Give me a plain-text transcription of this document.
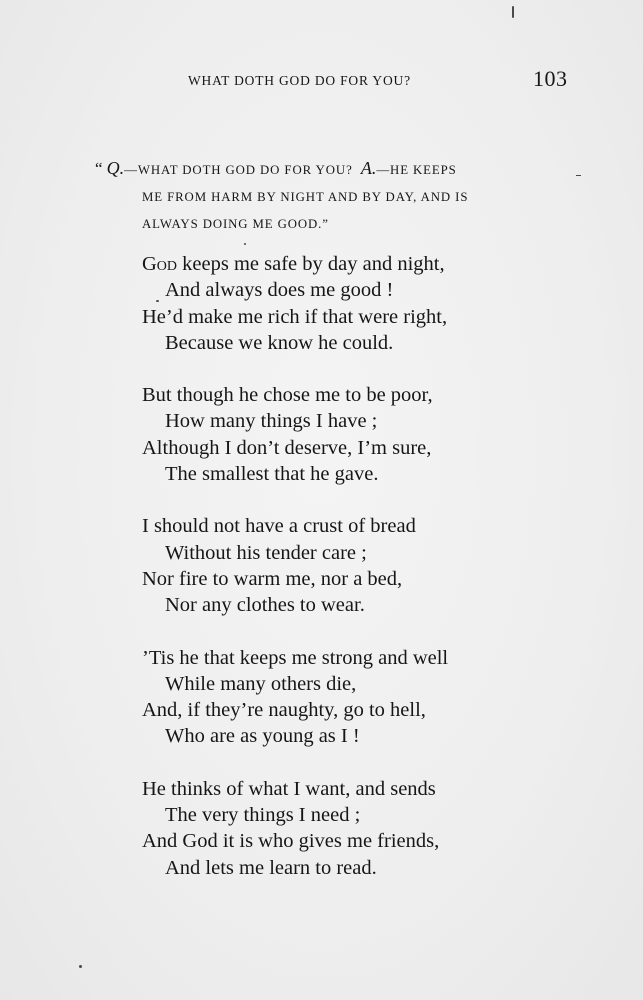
WHAT DOTH GOD DO FOR YOU?	103
“ Q.—WHAT DOTH GOD DO FOR YOU? A.—HE KEEPS
ME FROM HARM BY NIGHT AND BY DAY, AND IS
ALWAYS DOING ME GOOD.”
God keeps me safe by day and night,
And always does me good !
He’d make me rich if that were right,
Because we know he could.
But though he chose me to be poor,
How many things I have ;
Although I don’t deserve, I’m sure,
The smallest that he gave.
I should not have a crust of bread
Without his tender care ;
Nor fire to warm me, nor a bed,
Nor any clothes to wear.
’Tis he that keeps me strong and well
While many others die,
And, if they’re naughty, go to hell,
Who are as young as I !
He thinks of what I want, and sends
The very things I need ;
And God it is who gives me friends,
And lets me learn to read.
